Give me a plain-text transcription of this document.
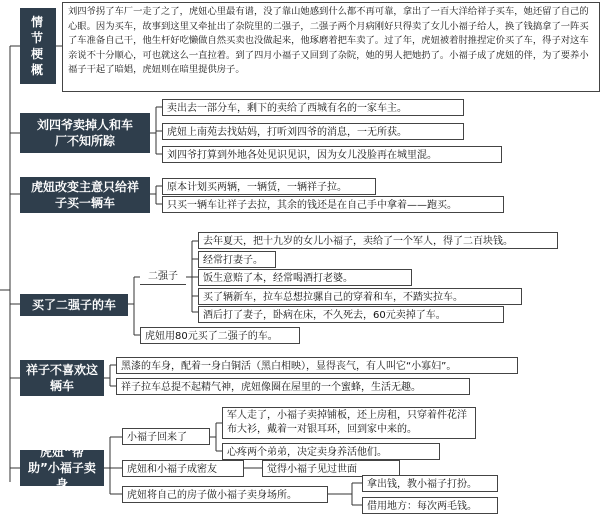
情节梗概
刘四爷拐了车厂一走了之了，虎妞心里最有谱，没了靠山她感到什么都不再可靠，拿出了一百大洋给祥子买车，她还留了自己的心眼。因为买车，故事到这里又牵扯出了杂院里的二强子，二强子两个月病刚好只得卖了女儿小福子给人，换了钱搞拿了一阵买了车准备自己干，他生杆好吃懒做自然买卖也没做起来，他琢磨着把车卖了。过了年，虎妞被着肘推捏定价买了车，得子对这车亲说不十分顺心，可也就这么一直拉着。到了四月小福子又回到了杂院，她的男人把她扔了。小福子成了虎妞的伴，为了要养小福子干起了暗娼，虎妞则在暗里提供房子。
刘四爷卖掉人和车厂不知所踪
卖出去一部分车，剩下的卖给了西城有名的一家车主。
虎妞上南苑去找姑妈，打听刘四爷的消息，一无所获。
刘四爷打算到外地各处见识见识，因为女儿没脸再在城里混。
虎妞改变主意只给祥子买一辆车
原本计划买两辆，一辆赁，一辆祥子拉。
只买一辆车让祥子去拉，其余的钱还是在自己手中拿着——跑买。
买了二强子的车
二强子
去年夏天，把十九岁的女儿小福子，卖给了一个军人，得了二百块钱。
经常打妻子。
饭生意赔了本，经常喝酒打老婆。
买了辆新车，拉车总想拉骡自己的穿着和车，不踏实拉车。
酒后打了妻子，卧病在床，不久死去，60元卖掉了车。
虎妞用80元买了二强子的车。
祥子不喜欢这辆车
黑漆的车身，配着一身白铜活（黑白相映），显得丧气，有人叫它“小寡妇”。
祥子拉车总提不起精气神，虎妞像圈在屋里的一个蜜蜂，生活无趣。
虎妞“帮助”小福子卖身
小福子回来了
军人走了，小福子卖掉铺板，还上房租，只穿着件花洋布大衫，戴着一对银耳环，回到家中来的。
心疼两个弟弟，决定卖身养活他们。
虎妞和小福子成密友	觉得小福子见过世面
虎妞将自己的房子做小福子卖身场所。
拿出钱，教小福子打扮。
借用地方：每次两毛钱。
